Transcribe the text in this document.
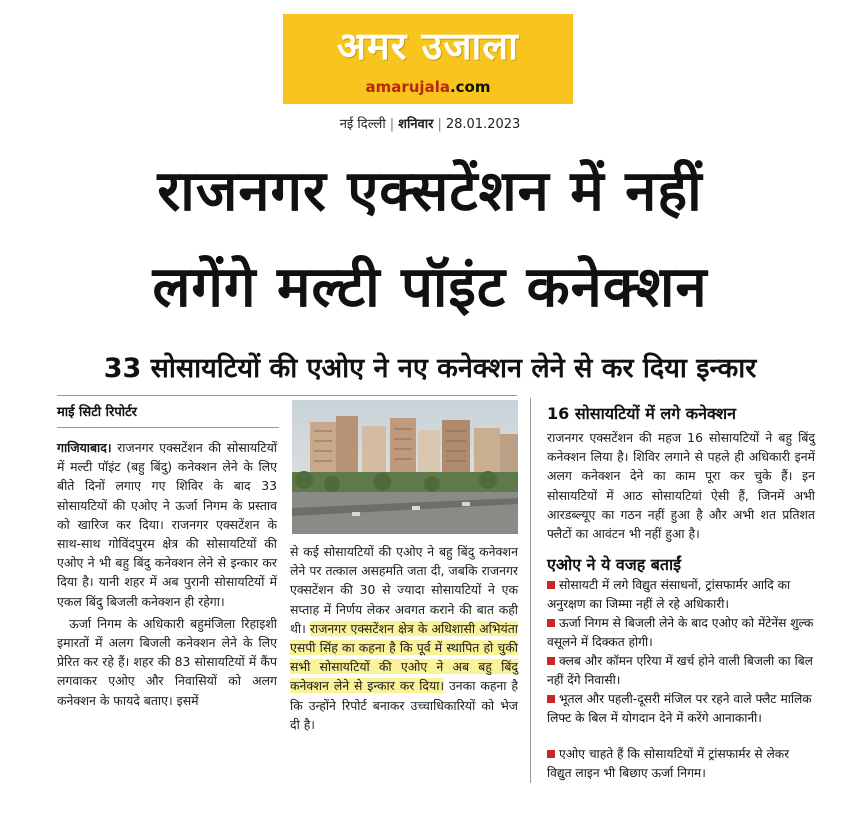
अमर उजाला
amarujala.com
नई दिल्ली | शनिवार | 28.01.2023
राजनगर एक्सटेंशन में नहीं
लगेंगे मल्टी पॉइंट कनेक्शन
33 सोसायटियों की एओए ने नए कनेक्शन लेने से कर दिया इन्कार
माई सिटी रिपोर्टर

गाजियाबाद। राजनगर एक्सटेंशन की सोसायटियों में मल्टी पॉइंट (बहु बिंदु) कनेक्शन लेने के लिए बीते दिनों लगाए गए शिविर के बाद 33 सोसायटियों की एओए ने ऊर्जा निगम के प्रस्ताव को खारिज कर दिया। राजनगर एक्सटेंशन के साथ-साथ गोविंदपुरम क्षेत्र की सोसायटियों की एओए ने भी बहु बिंदु कनेक्शन लेने से इन्कार कर दिया है। यानी शहर में अब पुरानी सोसायटियों में एकल बिंदु बिजली कनेक्शन ही रहेगा।

ऊर्जा निगम के अधिकारी बहुमंजिला रिहाइशी इमारतों में अलग बिजली कनेक्शन लेने के लिए प्रेरित कर रहे हैं। शहर की 83 सोसायटियों में कैंप लगवाकर एओए और निवासियों को अलग कनेक्शन के फायदे बताए। इसमें

से कई सोसायटियों की एओए ने बहु बिंदु कनेक्शन लेने पर तत्काल असहमति जता दी, जबकि राजनगर एक्सटेंशन की 30 से ज्यादा सोसायटियों ने एक सप्ताह में निर्णय लेकर अवगत कराने की बात कही थी। राजनगर एक्सटेंशन क्षेत्र के अधिशासी अभियंता एसपी सिंह का कहना है कि पूर्व में स्थापित हो चुकी सभी सोसायटियों की एओए ने अब बहु बिंदु कनेक्शन लेने से इन्कार कर दिया। उनका कहना है कि उन्होंने रिपोर्ट बनाकर उच्चाधिकारियों को भेज दी है।

16 सोसायटियों में लगे कनेक्शन
राजनगर एक्सटेंशन की महज 16 सोसायटियों ने बहु बिंदु कनेक्शन लिया है। शिविर लगाने से पहले ही अधिकारी इनमें अलग कनेक्शन देने का काम पूरा कर चुके हैं। इन सोसायटियों में आठ सोसायटियां ऐसी हैं, जिनमें अभी आरडब्ल्यूए का गठन नहीं हुआ है और अभी शत प्रतिशत फ्लैटों का आवंटन भी नहीं हुआ है।
एओए ने ये वजह बताईं
सोसायटी में लगे विद्युत संसाधनों, ट्रांसफार्मर आदि का अनुरक्षण का जिम्मा नहीं ले रहे अधिकारी।
ऊर्जा निगम से बिजली लेने के बाद एओए को मेंटेनेंस शुल्क वसूलने में दिक्कत होगी।
क्लब और कॉमन एरिया में खर्च होने वाली बिजली का बिल नहीं देंगे निवासी।
भूतल और पहली-दूसरी मंजिल पर रहने वाले फ्लैट मालिक लिफ्ट के बिल में योगदान देने में करेंगे आनाकानी।
एओए चाहते हैं कि सोसायटियों में ट्रांसफार्मर से लेकर विद्युत लाइन भी बिछाए ऊर्जा निगम।
